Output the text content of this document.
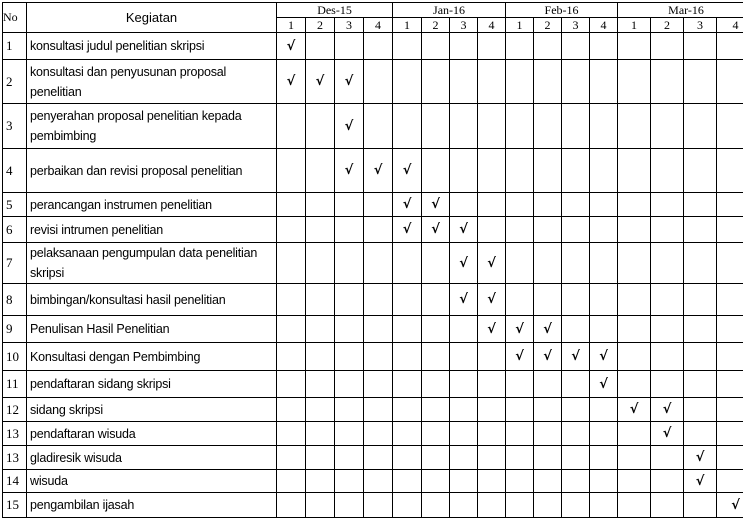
No	Kegiatan	Des-15				Jan-16				Feb-16				Mar-16			
		1	2	3	4	1	2	3	4	1	2	3	4	1	2	3	4
1	konsultasi judul penelitian skripsi	√															
2	konsultasi dan penyusunan proposal penelitian	√	√	√													
3	penyerahan proposal penelitian kepada pembimbing			√													
4	perbaikan dan revisi proposal penelitian			√	√	√											
5	perancangan instrumen penelitian					√	√										
6	revisi intrumen penelitian					√	√	√									
7	pelaksanaan pengumpulan data penelitian skripsi							√	√								
8	bimbingan/konsultasi hasil penelitian							√	√								
9	Penulisan Hasil Penelitian								√	√	√						
10	Konsultasi dengan Pembimbing									√	√	√	√				
11	pendaftaran sidang skripsi												√				
12	sidang skripsi													√	√		
13	pendaftaran wisuda														√		
13	gladiresik wisuda															√	
14	wisuda															√	
15	pengambilan ijasah																√
